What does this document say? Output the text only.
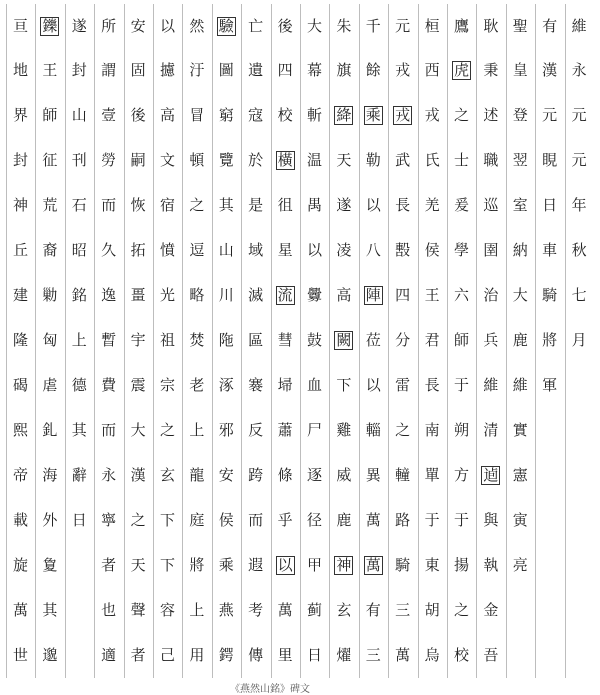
維
永
元
元
年
秋
七
月
有
漢
元
睍
日
車
騎
將
軍
聖
皇
登
翌
室
納
大
鹿
維
實
憲
寅
亮
耿
秉
述
職
巡
圉
治
兵
維
清
逌
與
執
金
吾
鷹
虎
之
士
爰
學
六
師
于
朔
方
于
揚
之
校
桓
西
戎
氏
羌
侯
王
君
長
南
單
于
東
胡
烏
元
戎
戎
武
長
毄
四
分
雷
之
䡴
路
騎
三
萬
千
餘
乘
勒
以
八
陣
莅
以
輜
異
萬
萬
有
三
朱
旗
絳
天
遂
凌
高
闕
下
雞
威
鹿
神
玄
燿
大
幕
斬
温
禺
以
釁
鼓
血
尸
逐
径
甲
蓟
日
後
四
校
橫
徂
星
流
彗
埽
蕭
條
乎
以
萬
里
亡
遺
寇
於
是
域
滅
區
褰
反
跨
而
遐
考
傳
驗
圖
窮
覽
其
山
川
陁
涿
邪
安
侯
乘
燕
鍔
然
汙
冒
頓
之
逗
略
焚
老
上
龍
庭
將
上
用
以
攄
高
文
宿
憤
光
祖
宗
之
玄
下
下
容
己
安
固
後
嗣
恢
拓
畺
宇
震
大
漢
之
天
聲
者
所
謂
壹
勞
而
久
逸
暫
費
而
永
寧
者
也
適
遂
封
山
刊
石
昭
銘
上
德
其
辭
日
鑠
王
師
征
荒
裔
勦
匈
虐
釓
海
外
夐
其
邈
亘
地
界
封
神
丘
建
隆
碣
熙
帝
載
旋
萬
世
《燕然山銘》碑文
